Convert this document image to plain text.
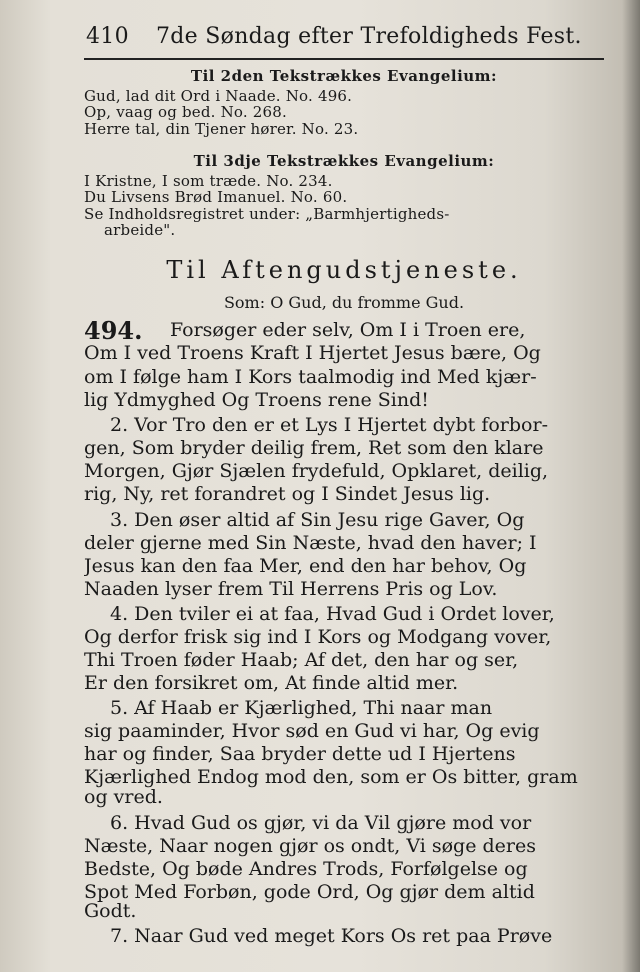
410 7de Søndag efter Trefoldigheds Fest.
Til 2den Tekstrækkes Evangelium:
Gud, lad dit Ord i Naade. No. 496.
Op, vaag og bed. No. 268.
Herre tal, din Tjener hører. No. 23.
Til 3dje Tekstrækkes Evangelium:
I Kristne, I som træde. No. 234.
Du Livsens Brød Imanuel. No. 60.
Se Indholdsregistret under: „Barmhjertigheds-
arbeide".
Til Aftengudstjeneste.
Som: O Gud, du fromme Gud.
494. Forsøger eder selv, Om I i Troen ere,
Om I ved Troens Kraft I Hjertet Jesus bære, Og
om I følge ham I Kors taalmodig ind Med kjær-
lig Ydmyghed Og Troens rene Sind!
2. Vor Tro den er et Lys I Hjertet dybt forbor-
gen, Som bryder deilig frem, Ret som den klare
Morgen, Gjør Sjælen frydefuld, Opklaret, deilig,
rig, Ny, ret forandret og I Sindet Jesus lig.
3. Den øser altid af Sin Jesu rige Gaver, Og
deler gjerne med Sin Næste, hvad den haver; I
Jesus kan den faa Mer, end den har behov, Og
Naaden lyser frem Til Herrens Pris og Lov.
4. Den tviler ei at faa, Hvad Gud i Ordet lover,
Og derfor frisk sig ind I Kors og Modgang vover,
Thi Troen føder Haab; Af det, den har og ser,
Er den forsikret om, At finde altid mer.
5. Af Haab er Kjærlighed, Thi naar man
sig paaminder, Hvor sød en Gud vi har, Og evig
har og finder, Saa bryder dette ud I Hjertens
Kjærlighed Endog mod den, som er Os bitter, gram
og vred.
6. Hvad Gud os gjør, vi da Vil gjøre mod vor
Næste, Naar nogen gjør os ondt, Vi søge deres
Bedste, Og bøde Andres Trods, Forfølgelse og
Spot Med Forbøn, gode Ord, Og gjør dem altid
Godt.
7. Naar Gud ved meget Kors Os ret paa Prøve
